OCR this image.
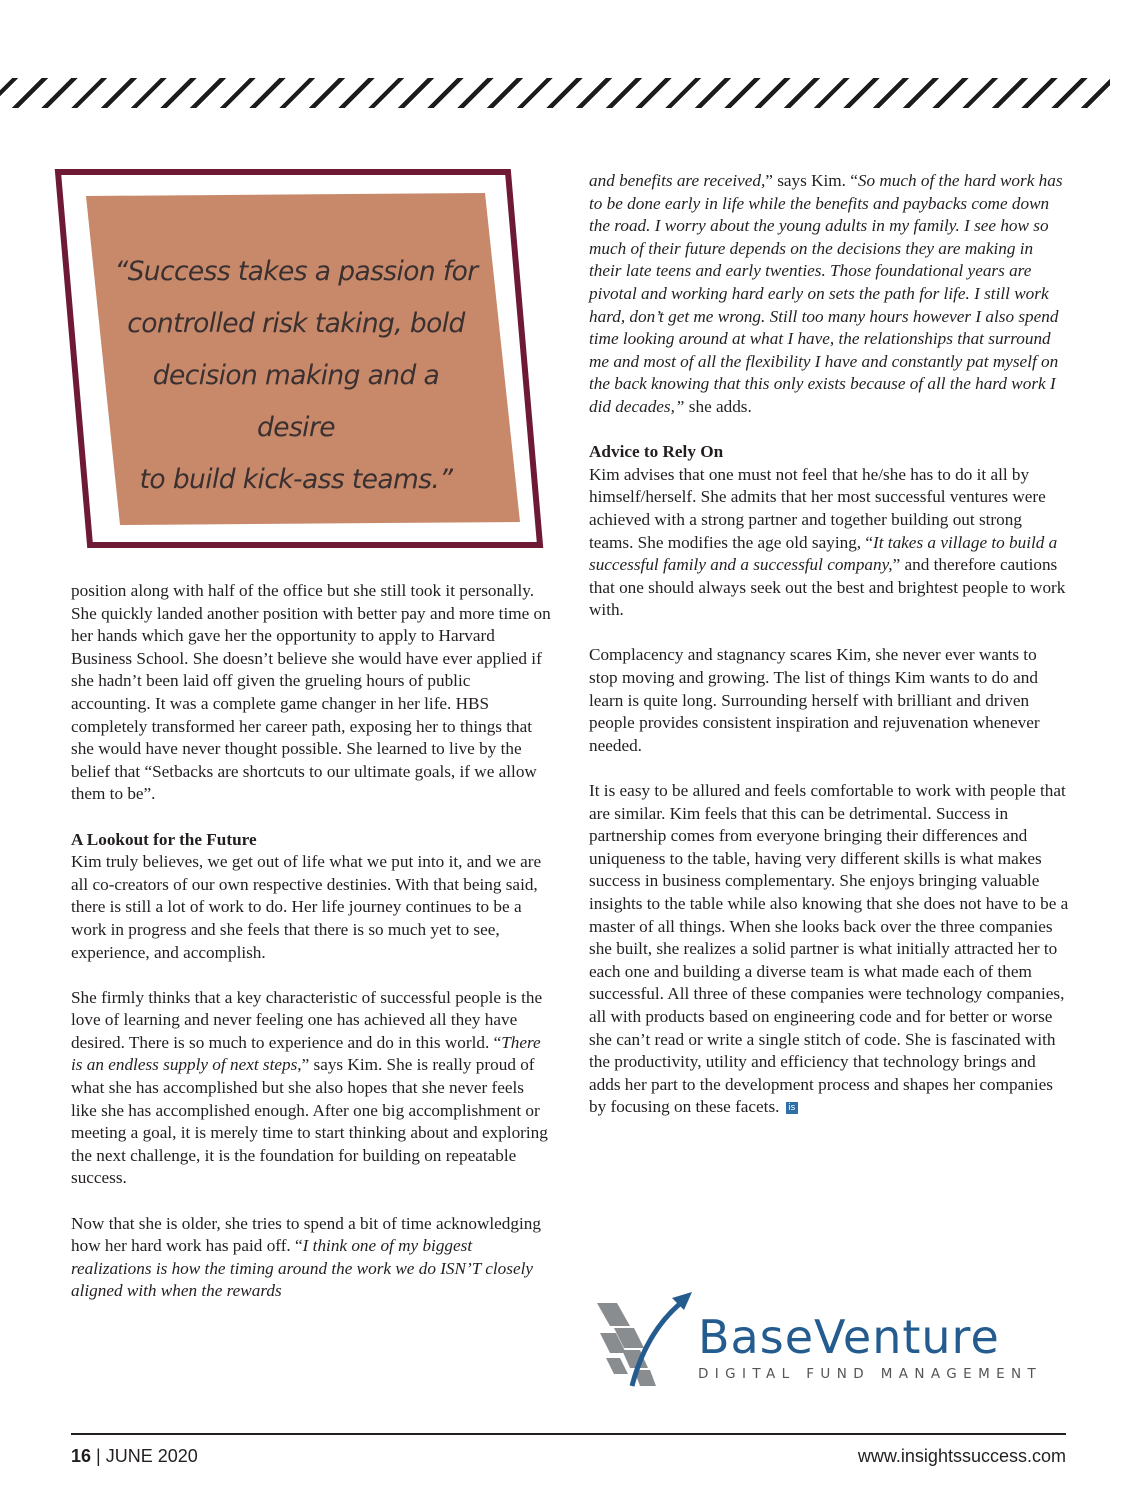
“Success takes a passion for
controlled risk taking, bold
decision making and a desire
to build kick-ass teams.”

position along with half of the office but she still took it personally. She quickly landed another position with better pay and more time on her hands which gave her the opportunity to apply to Harvard Business School. She doesn’t believe she would have ever applied if she hadn’t been laid off given the grueling hours of public accounting. It was a complete game changer in her life. HBS completely transformed her career path, exposing her to things that she would have never thought possible. She learned to live by the belief that “Setbacks are shortcuts to our ultimate goals, if we allow them to be”.

A Lookout for the Future

Kim truly believes, we get out of life what we put into it, and we are all co-creators of our own respective destinies. With that being said, there is still a lot of work to do. Her life journey continues to be a work in progress and she feels that there is so much yet to see, experience, and accomplish.

She firmly thinks that a key characteristic of successful people is the love of learning and never feeling one has achieved all they have desired. There is so much to experience and do in this world. “There is an endless supply of next steps,” says Kim. She is really proud of what she has accomplished but she also hopes that she never feels like she has accomplished enough. After one big accomplishment or meeting a goal, it is merely time to start thinking about and exploring the next challenge, it is the foundation for building on repeatable success.

Now that she is older, she tries to spend a bit of time acknowledging how her hard work has paid off. “I think one of my biggest realizations is how the timing around the work we do ISN’T closely aligned with when the rewards

and benefits are received,” says Kim. “So much of the hard work has to be done early in life while the benefits and paybacks come down the road. I worry about the young adults in my family. I see how so much of their future depends on the decisions they are making in their late teens and early twenties. Those foundational years are pivotal and working hard early on sets the path for life. I still work hard, don’t get me wrong. Still too many hours however I also spend time looking around at what I have, the relationships that surround me and most of all the flexibility I have and constantly pat myself on the back knowing that this only exists because of all the hard work I did decades,” she adds.

Advice to Rely On

Kim advises that one must not feel that he/she has to do it all by himself/herself. She admits that her most successful ventures were achieved with a strong partner and together building out strong teams. She modifies the age old saying, “It takes a village to build a successful family and a successful company,” and therefore cautions that one should always seek out the best and brightest people to work with.

Complacency and stagnancy scares Kim, she never ever wants to stop moving and growing. The list of things Kim wants to do and learn is quite long. Surrounding herself with brilliant and driven people provides consistent inspiration and rejuvenation whenever needed.

It is easy to be allured and feels comfortable to work with people that are similar. Kim feels that this can be detrimental. Success in partnership comes from everyone bringing their differences and uniqueness to the table, having very different skills is what makes success in business complementary. She enjoys bringing valuable insights to the table while also knowing that she does not have to be a master of all things. When she looks back over the three companies she built, she realizes a solid partner is what initially attracted her to each one and building a diverse team is what made each of them successful. All three of these companies were technology companies, all with products based on engineering code and for better or worse she can’t read or write a single stitch of code. She is fascinated with the productivity, utility and efficiency that technology brings and adds her part to the development process and shapes her companies by focusing on these facets. is

BaseVenture
DIGITAL FUND MANAGEMENT
16 | JUNE 2020	www.insightssuccess.com
